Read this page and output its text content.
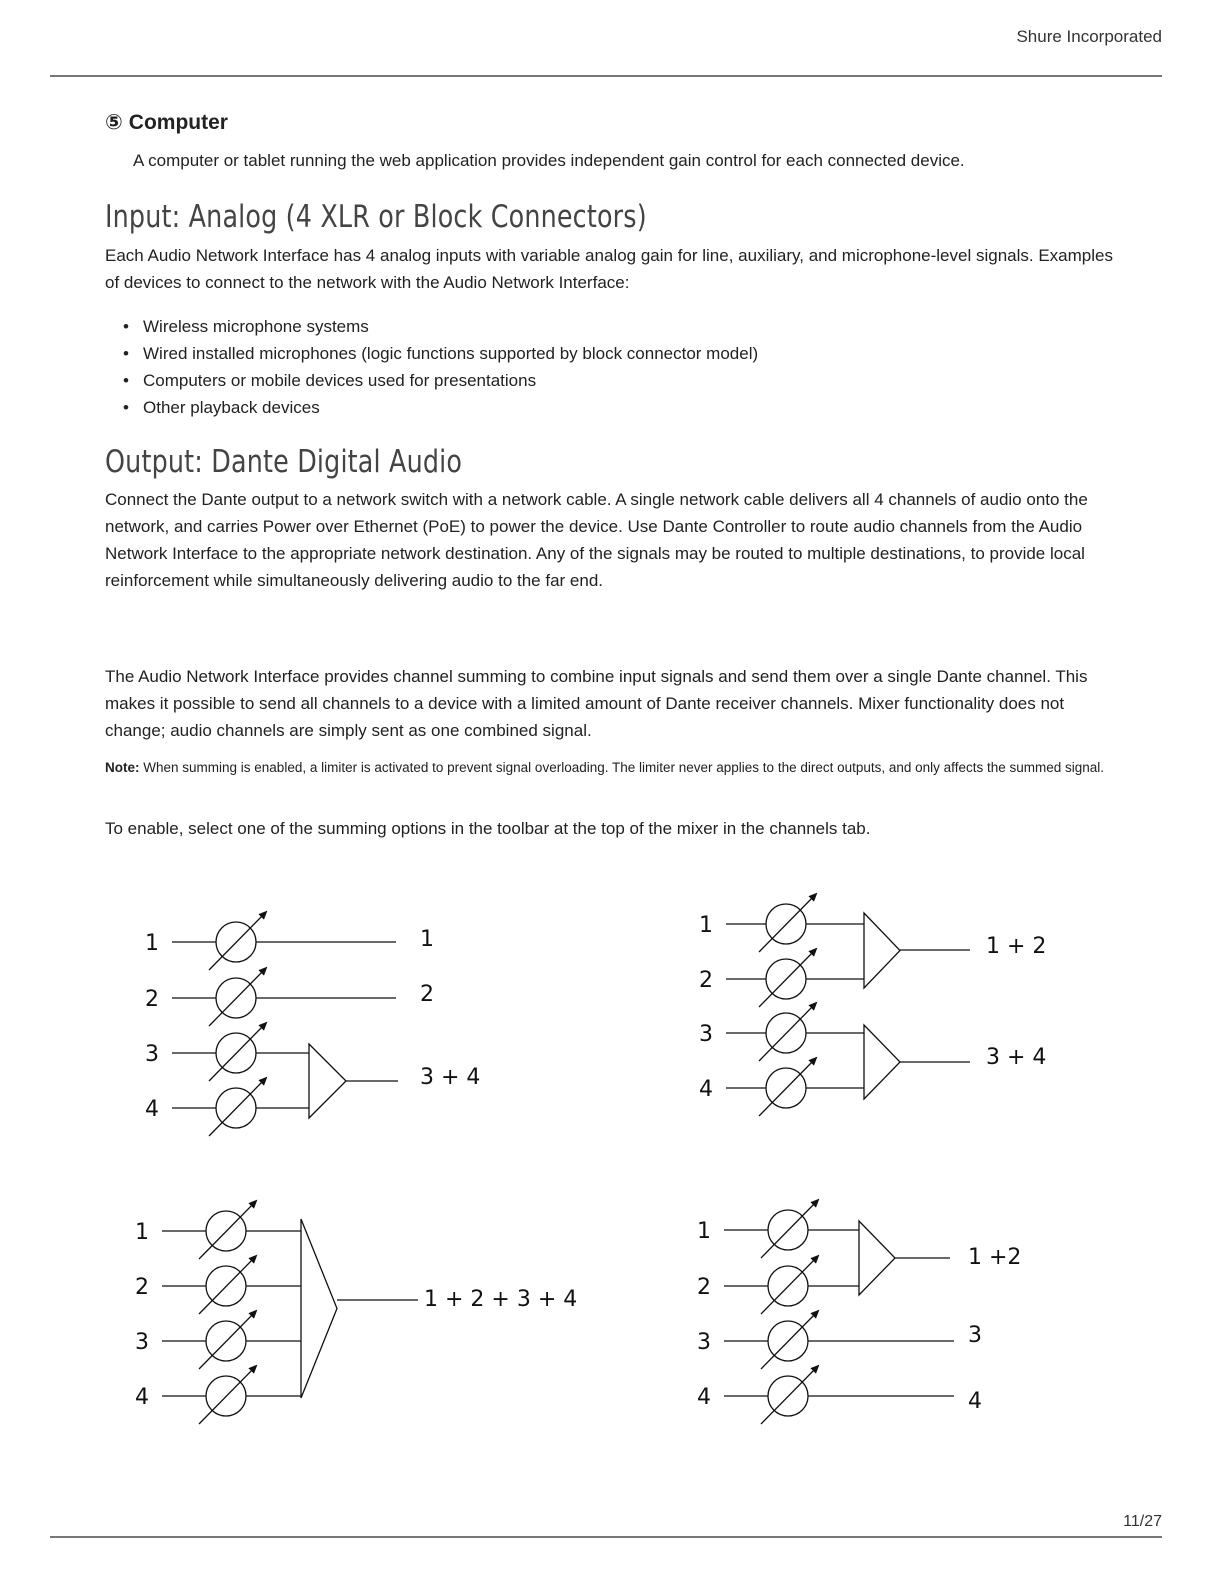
Shure Incorporated
⑤ Computer
A computer or tablet running the web application provides independent gain control for each connected device.
Input: Analog (4 XLR or Block Connectors)

Each Audio Network Interface has 4 analog inputs with variable analog gain for line, auxiliary, and microphone-level signals. Examples of devices to connect to the network with the Audio Network Interface:

• Wireless microphone systems
• Wired installed microphones (logic functions supported by block connector model)
• Computers or mobile devices used for presentations
• Other playback devices
Output: Dante Digital Audio

Connect the Dante output to a network switch with a network cable. A single network cable delivers all 4 channels of audio onto the network, and carries Power over Ethernet (PoE) to power the device. Use Dante Controller to route audio channels from the Audio Network Interface to the appropriate network destination. Any of the signals may be routed to multiple destinations, to provide local reinforcement while simultaneously delivering audio to the far end.

The Audio Network Interface provides channel summing to combine input signals and send them over a single Dante channel. This makes it possible to send all channels to a device with a limited amount of Dante receiver channels. Mixer functionality does not change; audio channels are simply sent as one combined signal.

Note: When summing is enabled, a limiter is activated to prevent signal overloading. The limiter never applies to the direct outputs, and only affects the summed signal.

To enable, select one of the summing options in the toolbar at the top of the mixer in the channels tab.

1
2
3
4
1
2
3 + 4
1
2
3
4
1 + 2
3 + 4
1
2
3
4
1 + 2 + 3 + 4
1
2
3
4
1 +2
3
4
11/27
